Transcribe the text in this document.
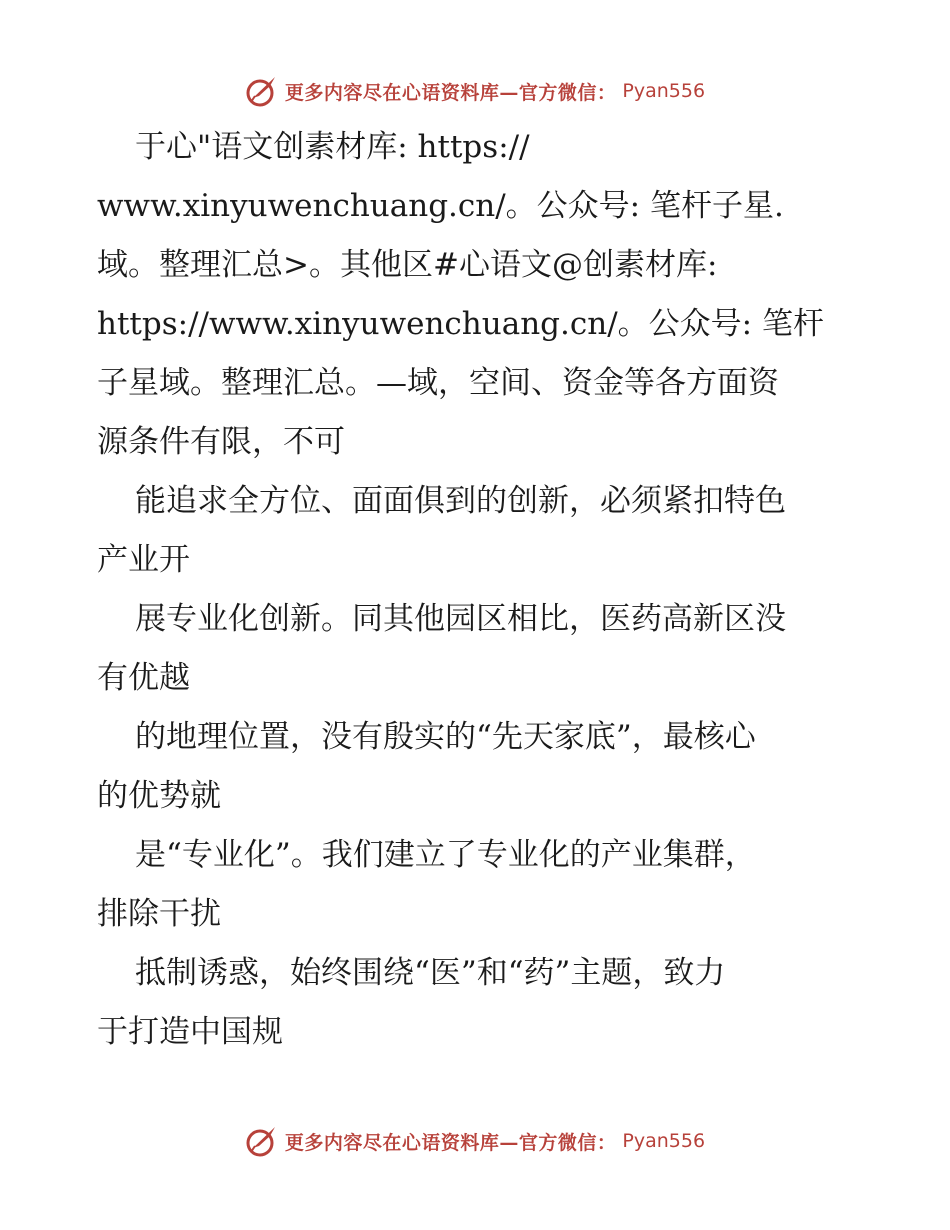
更多内容尽在心语资料库—官方微信： Pyan556
于心"语文创素材库: https://
www.xinyuwenchuang.cn/。公众号: 笔杆子星.
域。整理汇总>。其他区#心语文@创素材库:
https://www.xinyuwenchuang.cn/。公众号: 笔杆
子星域。整理汇总。—域，空间、资金等各方面资
源条件有限，不可
能追求全方位、面面俱到的创新，必须紧扣特色
产业开
展专业化创新。同其他园区相比，医药高新区没
有优越
的地理位置，没有殷实的“先天家底”，最核心
的优势就
是“专业化”。我们建立了专业化的产业集群，
排除干扰
抵制诱惑，始终围绕“医”和“药”主题，致力
于打造中国规
更多内容尽在心语资料库—官方微信： Pyan556
